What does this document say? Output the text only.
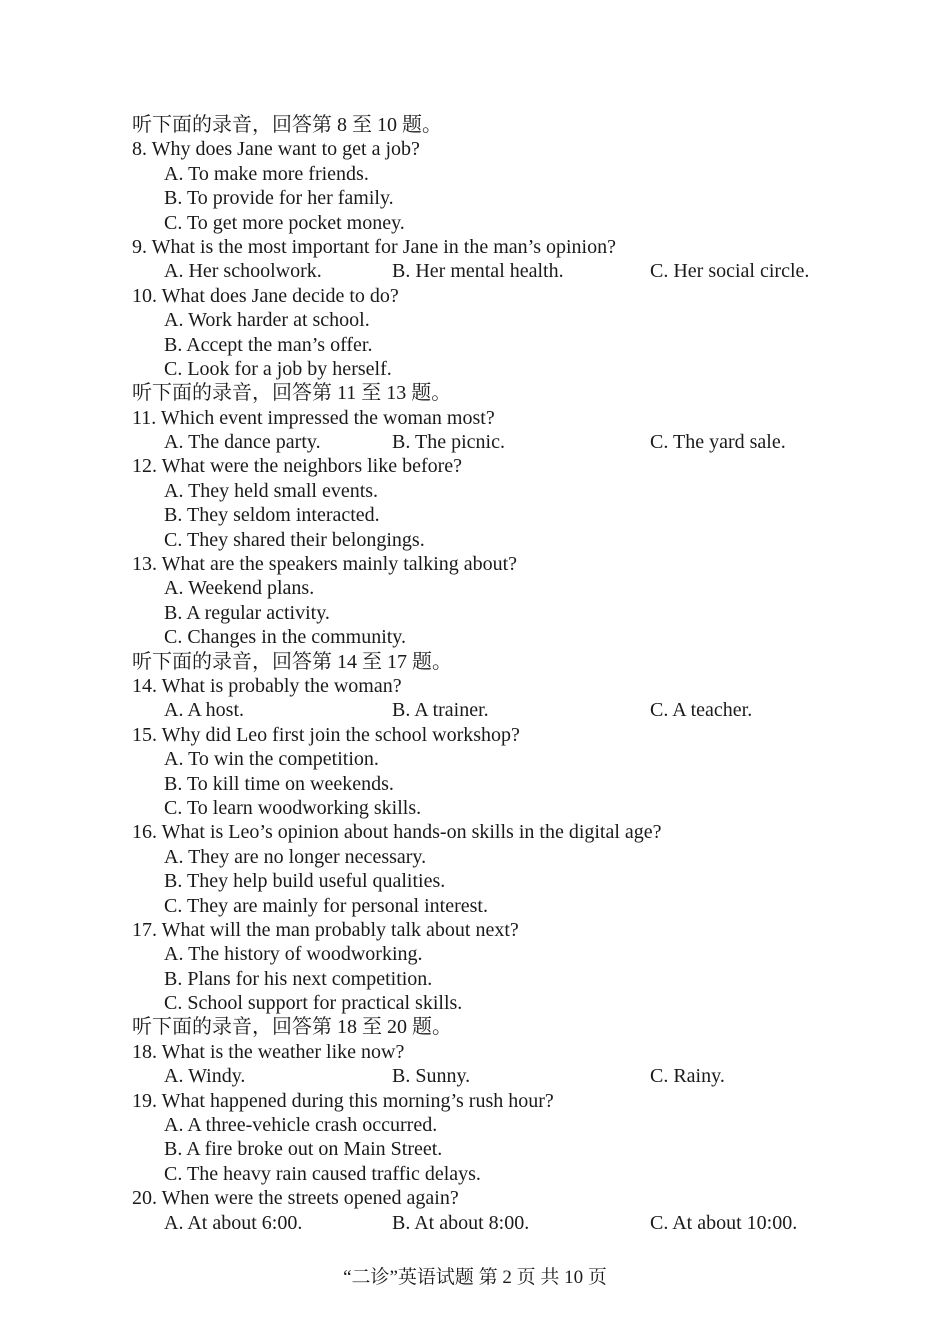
听下面的录音，回答第 8 至 10 题。
8. Why does Jane want to get a job?
A. To make more friends.
B. To provide for her family.
C. To get more pocket money.
9. What is the most important for Jane in the man’s opinion?
A. Her schoolwork.	B. Her mental health.	C. Her social circle.
10. What does Jane decide to do?
A. Work harder at school.
B. Accept the man’s offer.
C. Look for a job by herself.
听下面的录音，回答第 11 至 13 题。
11. Which event impressed the woman most?
A. The dance party.	B. The picnic.	C. The yard sale.
12. What were the neighbors like before?
A. They held small events.
B. They seldom interacted.
C. They shared their belongings.
13. What are the speakers mainly talking about?
A. Weekend plans.
B. A regular activity.
C. Changes in the community.
听下面的录音，回答第 14 至 17 题。
14. What is probably the woman?
A. A host.	B. A trainer.	C. A teacher.
15. Why did Leo first join the school workshop?
A. To win the competition.
B. To kill time on weekends.
C. To learn woodworking skills.
16. What is Leo’s opinion about hands-on skills in the digital age?
A. They are no longer necessary.
B. They help build useful qualities.
C. They are mainly for personal interest.
17. What will the man probably talk about next?
A. The history of woodworking.
B. Plans for his next competition.
C. School support for practical skills.
听下面的录音，回答第 18 至 20 题。
18. What is the weather like now?
A. Windy.	B. Sunny.	C. Rainy.
19. What happened during this morning’s rush hour?
A. A three-vehicle crash occurred.
B. A fire broke out on Main Street.
C. The heavy rain caused traffic delays.
20. When were the streets opened again?
A. At about 6:00.	B. At about 8:00.	C. At about 10:00.
“二诊”英语试题 第 2 页 共 10 页
